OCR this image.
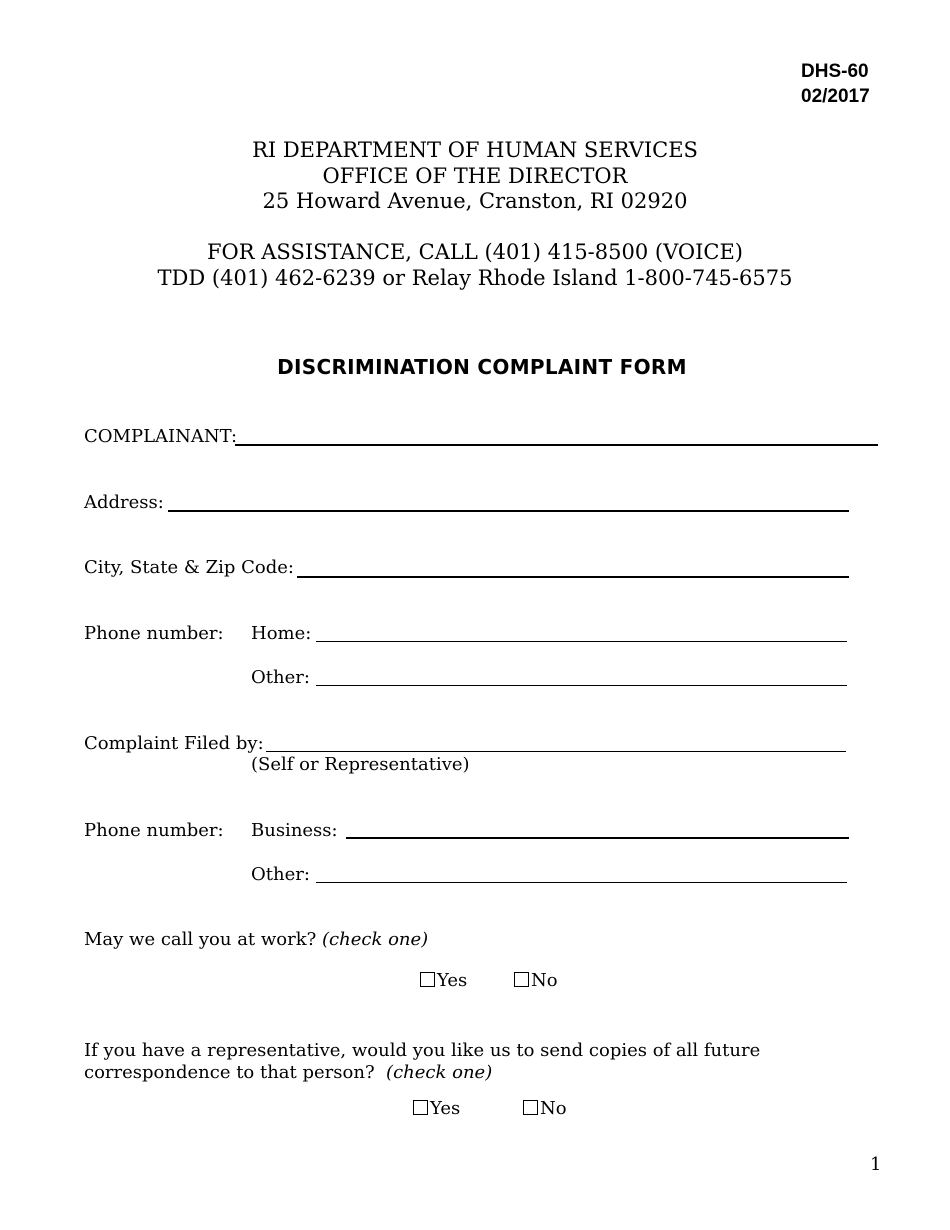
DHS-60
02/2017
RI DEPARTMENT OF HUMAN SERVICES
OFFICE OF THE DIRECTOR
25 Howard Avenue, Cranston, RI 02920
FOR ASSISTANCE, CALL (401) 415-8500 (VOICE)
TDD (401) 462-6239 or Relay Rhode Island 1-800-745-6575
DISCRIMINATION COMPLAINT FORM
COMPLAINANT:
Address:
City, State & Zip Code:
Phone number: Home:
Other:
Complaint Filed by:
(Self or Representative)
Phone number: Business:
Other:
May we call you at work? (check one)
Yes	No
If you have a representative, would you like us to send copies of all future
correspondence to that person? (check one)
Yes	No
1
